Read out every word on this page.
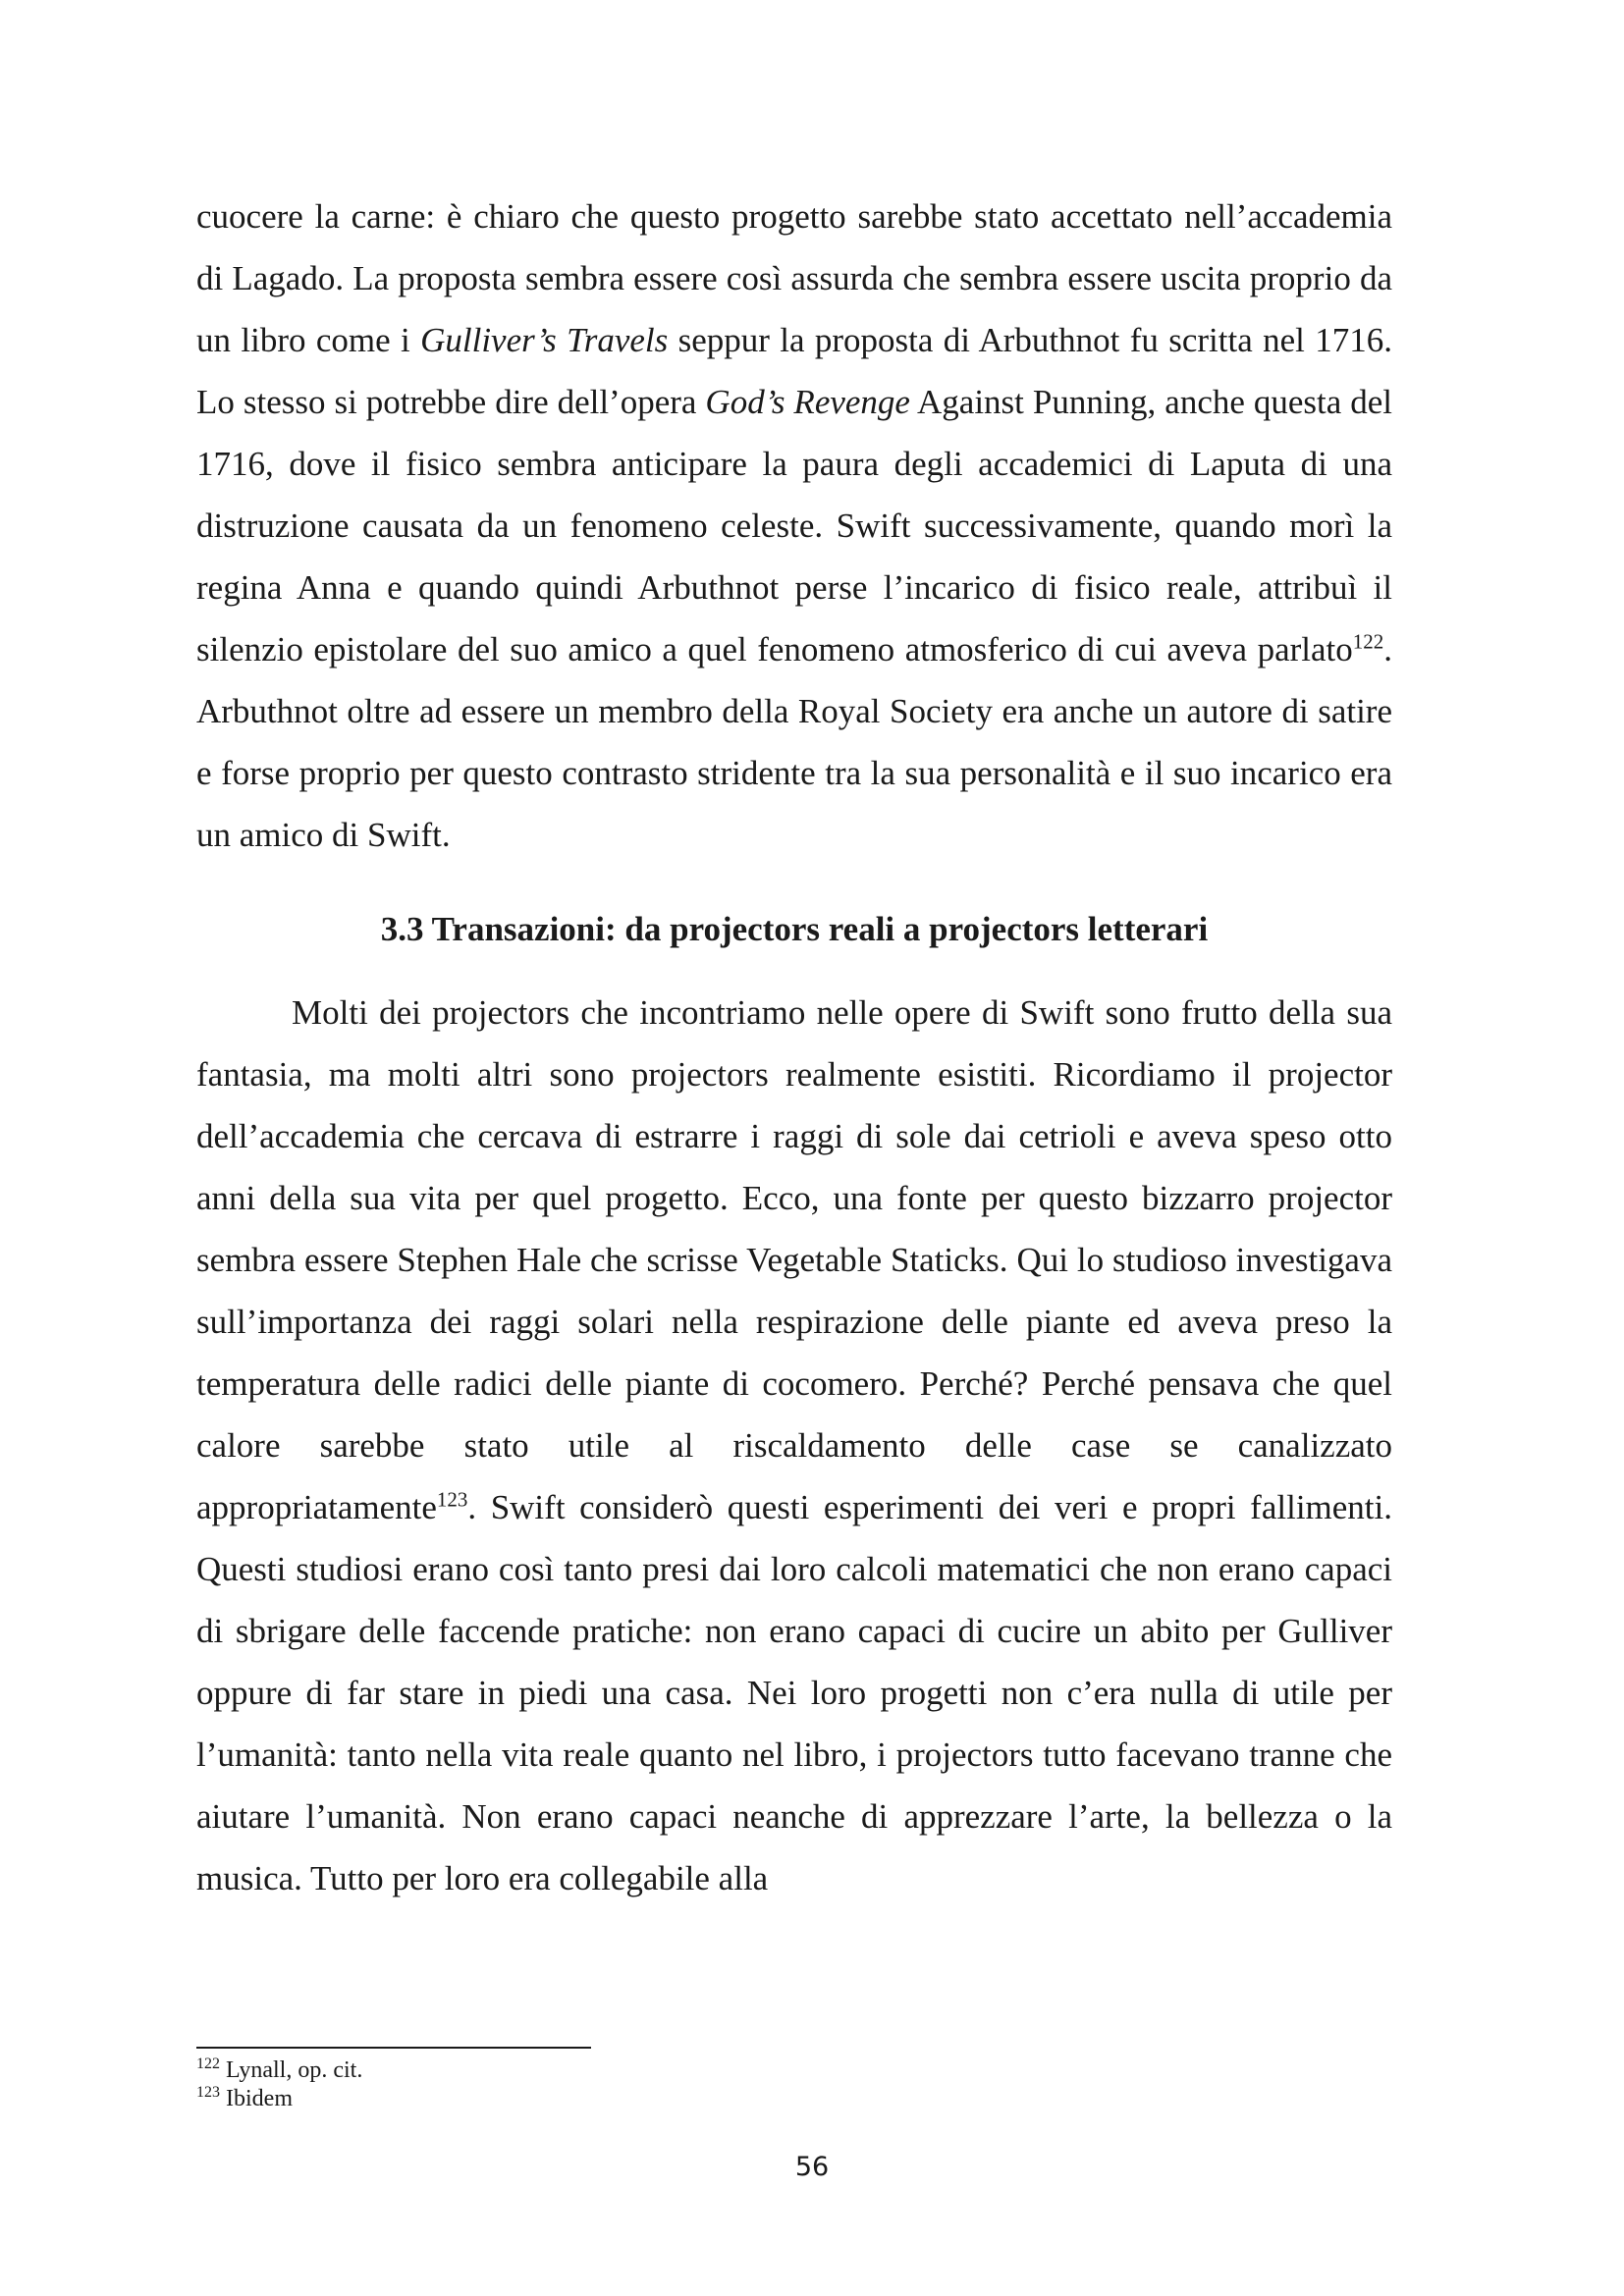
cuocere la carne: è chiaro che questo progetto sarebbe stato accettato nell’accademia di Lagado. La proposta sembra essere così assurda che sembra essere uscita proprio da un libro come i Gulliver’s Travels seppur la proposta di Arbuthnot fu scritta nel 1716. Lo stesso si potrebbe dire dell’opera God’s Revenge Against Punning, anche questa del 1716, dove il fisico sembra anticipare la paura degli accademici di Laputa di una distruzione causata da un fenomeno celeste. Swift successivamente, quando morì la regina Anna e quando quindi Arbuthnot perse l’incarico di fisico reale, attribuì il silenzio epistolare del suo amico a quel fenomeno atmosferico di cui aveva parlato$^{122}$. Arbuthnot oltre ad essere un membro della Royal Society era anche un autore di satire e forse proprio per questo contrasto stridente tra la sua personalità e il suo incarico era un amico di Swift.

3.3 Transazioni: da projectors reali a projectors letterari

Molti dei projectors che incontriamo nelle opere di Swift sono frutto della sua fantasia, ma molti altri sono projectors realmente esistiti. Ricordiamo il projector dell’accademia che cercava di estrarre i raggi di sole dai cetrioli e aveva speso otto anni della sua vita per quel progetto. Ecco, una fonte per questo bizzarro projector sembra essere Stephen Hale che scrisse Vegetable Staticks. Qui lo studioso investigava sull’importanza dei raggi solari nella respirazione delle piante ed aveva preso la temperatura delle radici delle piante di cocomero. Perché? Perché pensava che quel calore sarebbe stato utile al riscaldamento delle case se canalizzato appropriatamente$^{123}$. Swift considerò questi esperimenti dei veri e propri fallimenti. Questi studiosi erano così tanto presi dai loro calcoli matematici che non erano capaci di sbrigare delle faccende pratiche: non erano capaci di cucire un abito per Gulliver oppure di far stare in piedi una casa. Nei loro progetti non c’era nulla di utile per l’umanità: tanto nella vita reale quanto nel libro, i projectors tutto facevano tranne che aiutare l’umanità. Non erano capaci neanche di apprezzare l’arte, la bellezza o la musica. Tutto per loro era collegabile alla

$^{122}$ Lynall, op. cit.
$^{123}$ Ibidem
56
